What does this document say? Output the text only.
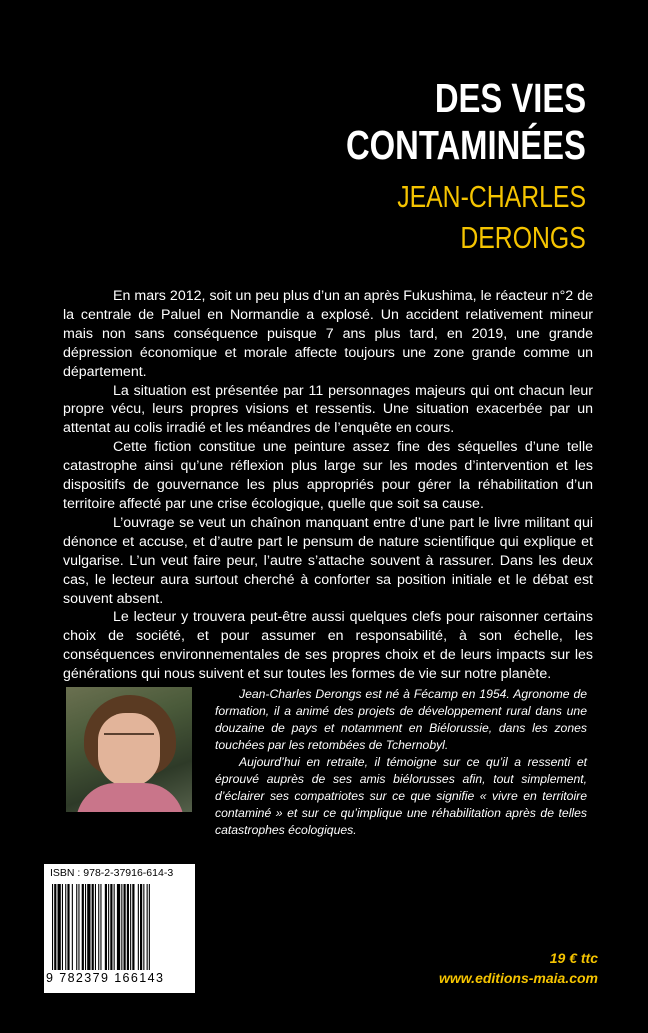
DES VIES
CONTAMINÉES
JEAN-CHARLES
DERONGS

En mars 2012, soit un peu plus d’un an après Fukushima, le réacteur n°2 de la centrale de Paluel en Normandie a explosé. Un accident relativement mineur mais non sans conséquence puisque 7 ans plus tard, en 2019, une grande dépression économique et morale affecte toujours une zone grande comme un département.

La situation est présentée par 11 personnages majeurs qui ont chacun leur propre vécu, leurs propres visions et ressentis. Une situation exacerbée par un attentat au colis irradié et les méandres de l’enquête en cours.

Cette fiction constitue une peinture assez fine des séquelles d’une telle catastrophe ainsi qu’une réflexion plus large sur les modes d’intervention et les dispositifs de gouvernance les plus appropriés pour gérer la réhabilitation d’un territoire affecté par une crise écologique, quelle que soit sa cause.

L’ouvrage se veut un chaînon manquant entre d’une part le livre militant qui dénonce et accuse, et d’autre part le pensum de nature scientifique qui explique et vulgarise. L’un veut faire peur, l’autre s’attache souvent à rassurer. Dans les deux cas, le lecteur aura surtout cherché à conforter sa position initiale et le débat est souvent absent.

Le lecteur y trouvera peut-être aussi quelques clefs pour raisonner certains choix de société, et pour assumer en responsabilité, à son échelle, les conséquences environnementales de ses propres choix et de leurs impacts sur les générations qui nous suivent et sur toutes les formes de vie sur notre planète.

Jean-Charles Derongs est né à Fécamp en 1954. Agronome de formation, il a animé des projets de développement rural dans une douzaine de pays et notamment en Biélorussie, dans les zones touchées par les retombées de Tchernobyl.

Aujourd’hui en retraite, il témoigne sur ce qu’il a ressenti et éprouvé auprès de ses amis biélorusses afin, tout simplement, d’éclairer ses compatriotes sur ce que signifie « vivre en territoire contaminé » et sur ce qu’implique une réhabilitation après de telles catastrophes écologiques.

ISBN : 978-2-37916-614-3
9 782379 166143
19 € ttc
www.editions-maia.com
